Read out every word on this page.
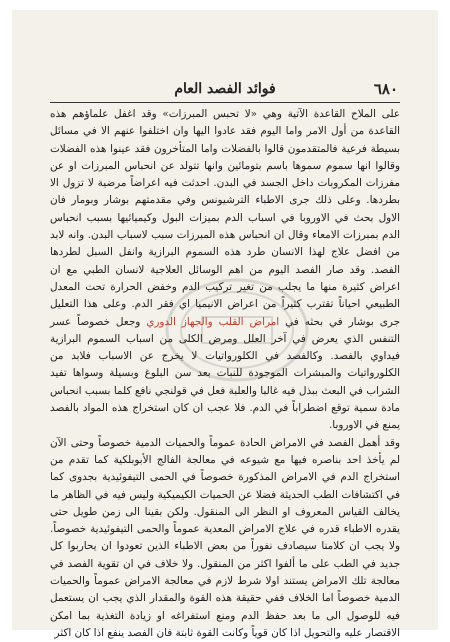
٦٨٠
فوائد الفصد العام

على الملاح القاعدة الآتية وهي «لا تحبس المبرزات» وقد اغفل علماؤهم هذه القاعدة من أول الامر واما اليوم فقد عادوا اليها وان اختلفوا عنهم الا في مسائل بسيطة فرعية فالمتقدمون قالوا بالفضلات واما المتأخرون فقد عينوا هذه الفضلات وقالوا انها سموم سموها باسم بتومائين وانها تتولد عن انحباس المبرزات او عن مفرزات المكروبات داخل الجسد في البدن. احدثت فيه اعراضاً مرضية لا تزول الا بطردها. وعلى ذلك جرى الاطباء الترشيونس وفي مقدمتهم بوشار وبومار فان الاول بحث في الاوروبا في اسباب الدم بميزات البول وكيميائيها بسبب انحباس الدم بمبرزات الامعاء وقال ان انحباس هذه المبرزات سبب لاسباب البدن. وانه لابد من افضل علاج لهذا الانسان طرد هذه السموم البرازية وانفل السبل لطردها الفصد. وقد صار الفصد اليوم من اهم الوسائل العلاجية لانسان الطبي مع ان اعراض كثيرة منها ما يجلب من تغير تركيب الدم وخفض الحرارة تحت المعدل الطبيعي احياناً تقترب كثيراً من اعراض الانيميا اي فقر الدم. وعلى هذا التعليل جرى بوشار في بحثه في امراض القلب والجهاز الدوري وجعل خصوصاً عسر التنفس الذي يعرض في آخر العلل ومرض الكلى من اسباب السموم البرازية فيداوي بالفصد. وكالفصد في الكلورواتيات لا يخرج عن الاسباب فلابد من الكلورواتيات والمبشرات الموجودة للنبات بعد سن البلوغ وبسيلة وسواها تفيد الشراب في البعث ببذل فيه غالبا والعلبة فعل في قولنجي نافع كلما بسبب انحباس مادة سمية توقع اضطراباً في الدم. فلا عجب ان كان استخراج هذه المواد بالفصد يمنع في الاوروبا.

وقد أهمل الفصد في الامراض الحادة عموماً والحميات الدمية خصوصاً وحتى الآن لم يأخذ احد بناصره فيها مع شيوعه في معالجة الفالج الأبوبلكية كما تقدم من استخراج الدم في الامراض المذكورة خصوصاً في الحمى التيفوئيدية بجدوى كما في اكتشافات الطب الحديثة فضلا عن الحميات الكيميكية وليس فيه في الظاهر ما يخالف القياس المعروف او النظر الى المنقول. ولكن بقينا الى زمن طويل حتى يقدره الاطباء قدره في علاج الامراض المعدية عموماً والحمى التيفوئيدية خصوصاً. ولا يجب ان كلامنا سيصادف نفوراً من بعض الاطباء الذين تعودوا ان يحاربوا كل جديد في الطب على ما ألفوا اكثر من المنقول. ولا خلاف في ان تقوية الفصد في معالجة تلك الامراض يستند اولا شرط لازم في معالجة الامراض عموماً والحميات الدمية خصوصاً اما الخلاف ففي حقيقة هذه القوة والمقدار الذي يجب ان يستعمل فيه للوصول الى ما بعد حفظ الدم ومنع استفراغه او زيادة التغذية بما امكن الاقتصار عليه والتحويل اذا كان قوياً وكانت القوة ثابتة فان الفصد ينفع اذا كان اكثر
